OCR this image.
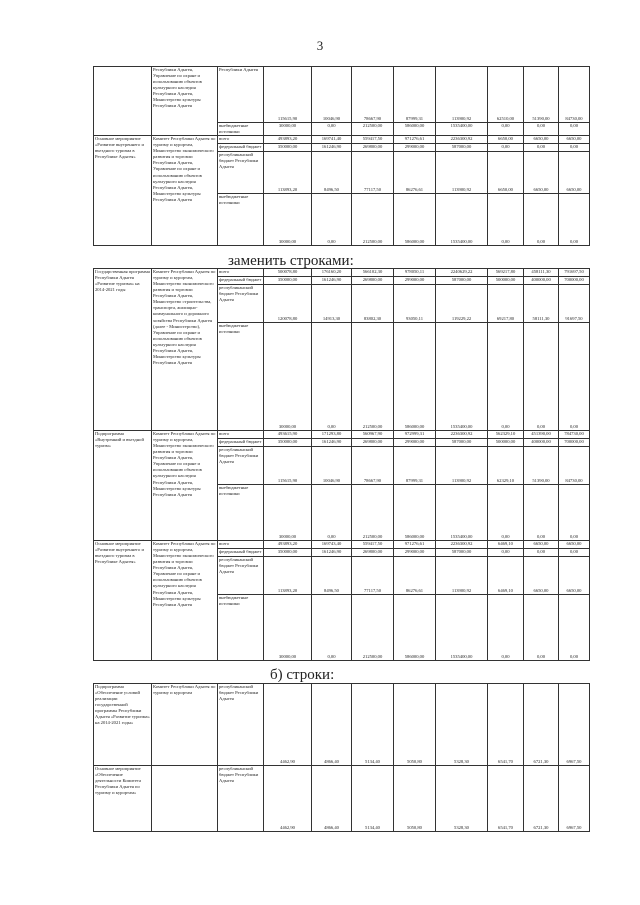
3
	Республики Адыгея, Управление по охране и использованию объектов культурного наследия Республики Адыгея, Министерство культуры Республики Адыгея	Республики Адыгея	115615,90	10046,90	78667,90	87999,31	113900,92	62510,00	51390,00	84730,00
		внебюджетные источники	30000,00	0,00	212500,00	586000,00	1535400,00	0,00	0,00	0,00
Основное мероприятие «Развитие внутреннего и въездного туризма в Республике Адыгея»	Комитет Республики Адыгея по туризму и курортам, Министерство экономического развития и торговли Республики Адыгея, Управление по охране и использованию объектов культурного наследия Республики Адыгея, Министерство культуры Республики Адыгея	всего	493893,20	169741,40	559417,50	971276,61	2236300,92	6650,00	6650,00	6650,00
		федеральный бюджет	350000,00	161246,90	269800,00	299000,00	587000,00	0,00	0,00	0,00
		республиканский бюджет Республики Адыгея	113893,20	8496,50	77117,50	86276,61	113900,92	6650,00	6650,00	6650,00
		внебюджетные источники	30000,00	0,00	212500,00	586000,00	1535400,00	0,00	0,00	0,00
заменить строками:
Государственная программа Республики Адыгея «Развитие туризма» на 2014-2021 годы	Комитет Республики Адыгея по туризму и курортам, Министерство экономического развития и торговли Республики Адыгея, Министерство строительства, транспорта, жилищно-коммунального и дорожного хозяйства Республики Адыгея (далее - Министерство), Управление по охране и использованию объектов культурного наследия Республики Адыгея, Министерство культуры Республики Адыгея	всего	500078,80	176160,20	566102,30	978050,11	2240629,22	569217,80	458111,30	791697,50
		федеральный бюджет	350000,00	161246,90	269800,00	299000,00	587000,00	500000,00	400000,00	700000,00
		республиканский бюджет Республики Адыгея	120078,80	14913,30	83802,30	93050,11	119229,22	69217,80	58111,30	91697,50
		внебюджетные источники	30000,00	0,00	212500,00	586000,00	1535400,00	0,00	0,00	0,00
Подпрограмма «Внутренний и въездной туризм»	Комитет Республики Адыгея по туризму и курортам, Министерство экономического развития и торговли Республики Адыгея, Управление по охране и использованию объектов культурного наследия Республики Адыгея, Министерство культуры Республики Адыгея	всего	493615,90	171293,80	560967,90	972999,31	2236300,92	562329,10	451390,00	784730,00
		федеральный бюджет	350000,00	161246,90	269800,00	299000,00	587000,00	500000,00	400000,00	700000,00
		республиканский бюджет Республики Адыгея	115615,90	10046,90	78667,90	87999,31	113900,92	62329,10	51390,00	84730,00
		внебюджетные источники	30000,00	0,00	212500,00	586000,00	1535400,00	0,00	0,00	0,00
Основное мероприятие «Развитие внутреннего и въездного туризма в Республике Адыгея»	Комитет Республики Адыгея по туризму и курортам, Министерство экономического развития и торговли Республики Адыгея, Управление по охране и использованию объектов культурного наследия Республики Адыгея, Министерство культуры Республики Адыгея	всего	493893,20	169743,40	559417,50	971276,61	2236300,92	6469,10	6650,00	6650,00
		федеральный бюджет	350000,00	161246,90	269800,00	299000,00	587000,00	0,00	0,00	0,00
		республиканский бюджет Республики Адыгея	113893,20	8496,50	77117,50	86276,61	113900,92	6469,10	6650,00	6650,00
		внебюджетные источники	30000,00	0,00	212500,00	586000,00	1535400,00	0,00	0,00	0,00
б) строки:
Подпрограмма «Обеспечение условий реализации государственной программы Республики Адыгея «Развитие туризма» на 2014-2021 годы»	Комитет Республики Адыгея по туризму и курортам	республиканский бюджет Республики Адыгея	4462,90	4866,40	5134,40	5050,80	5328,30	6541,70	6721,30	6967,50
Основное мероприятие «Обеспечение деятельности Комитета Республики Адыгея по туризму и курортам»		республиканский бюджет Республики Адыгея	4462,90	4866,40	5134,40	5050,80	5328,30	6541,70	6721,30	6967,50
